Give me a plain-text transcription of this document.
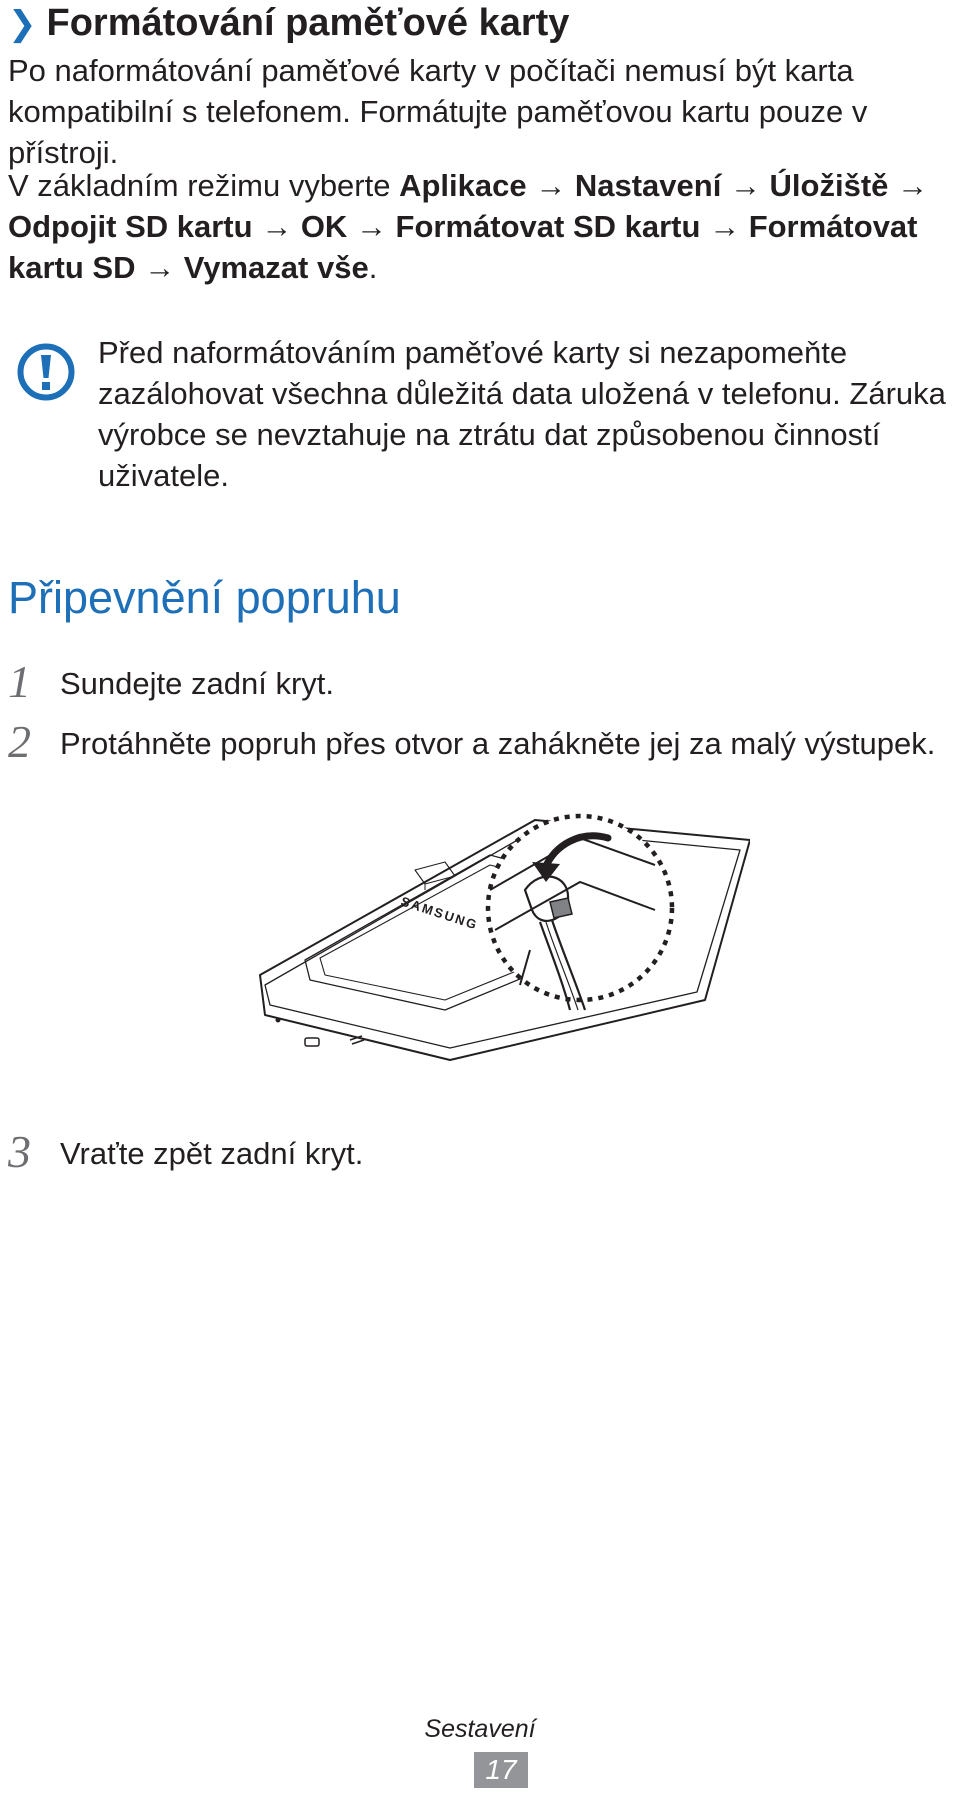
❯ Formátování paměťové karty

Po naformátování paměťové karty v počítači nemusí být karta kompatibilní s telefonem. Formátujte paměťovou kartu pouze v přístroji.

V základním režimu vyberte Aplikace → Nastavení → Úložiště → Odpojit SD kartu → OK → Formátovat SD kartu → Formátovat kartu SD → Vymazat vše.

Před naformátováním paměťové karty si nezapomeňte zazálohovat všechna důležitá data uložená v telefonu. Záruka výrobce se nevztahuje na ztrátu dat způsobenou činností uživatele.

Připevnění popruhu
1 Sundejte zadní kryt.
2 Protáhněte popruh přes otvor a zahákněte jej za malý výstupek.
SAMSUNG
3 Vraťte zpět zadní kryt.
Sestavení
17
